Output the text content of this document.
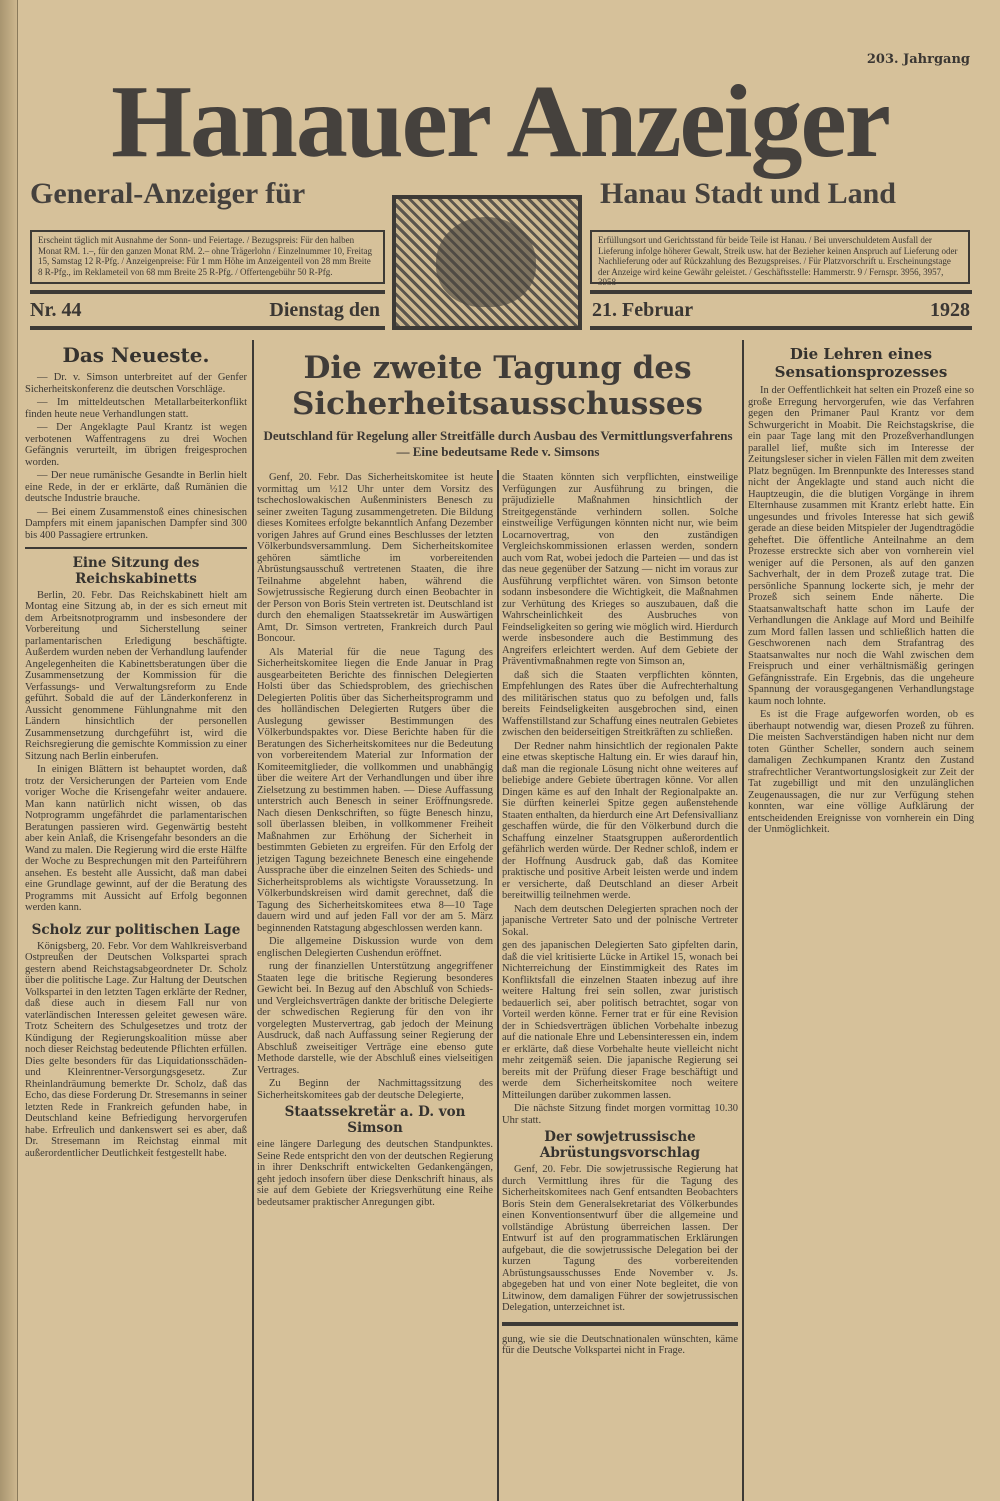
203. Jahrgang
Hanauer Anzeiger
General-Anzeiger für	Hanau Stadt und Land
Erscheint täglich mit Ausnahme der Sonn- und Feiertage. / Bezugspreis: Für den halben Monat RM. 1.–, für den ganzen Monat RM. 2.– ohne Trägerlohn / Einzelnummer 10, Freitag 15, Samstag 12 R-Pfg. / Anzeigenpreise: Für 1 mm Höhe im Anzeigenteil von 28 mm Breite 8 R-Pfg., im Reklameteil von 68 mm Breite 25 R-Pfg. / Offertengebühr 50 R-Pfg.
Erfüllungsort und Gerichtsstand für beide Teile ist Hanau. / Bei unverschuldetem Ausfall der Lieferung infolge höherer Gewalt, Streik usw. hat der Bezieher keinen Anspruch auf Lieferung oder Nachlieferung oder auf Rückzahlung des Bezugspreises. / Für Platzvorschrift u. Erscheinungstage der Anzeige wird keine Gewähr geleistet. / Geschäftsstelle: Hammerstr. 9 / Fernspr. 3956, 3957, 3958
Nr. 44	Dienstag den	21. Februar	1928
Das Neueste.

— Dr. v. Simson unterbreitet auf der Genfer Sicherheitskonferenz die deutschen Vorschläge.

— Im mitteldeutschen Metallarbeiterkonflikt finden heute neue Verhandlungen statt.

— Der Angeklagte Paul Krantz ist wegen verbotenen Waffentragens zu drei Wochen Gefängnis verurteilt, im übrigen freigesprochen worden.

— Der neue rumänische Gesandte in Berlin hielt eine Rede, in der er erklärte, daß Rumänien die deutsche Industrie brauche.

— Bei einem Zusammenstoß eines chinesischen Dampfers mit einem japanischen Dampfer sind 300 bis 400 Passagiere ertrunken.

Eine Sitzung des Reichskabinetts

Berlin, 20. Febr. Das Reichskabinett hielt am Montag eine Sitzung ab, in der es sich erneut mit dem Arbeitsnotprogramm und insbesondere der Vorbereitung und Sicherstellung seiner parlamentarischen Erledigung beschäftigte. Außerdem wurden neben der Verhandlung laufender Angelegenheiten die Kabinettsberatungen über die Zusammensetzung der Kommission für die Verfassungs- und Verwaltungsreform zu Ende geführt. Sobald die auf der Länderkonferenz in Aussicht genommene Fühlungnahme mit den Ländern hinsichtlich der personellen Zusammensetzung durchgeführt ist, wird die Reichsregierung die gemischte Kommission zu einer Sitzung nach Berlin einberufen.

In einigen Blättern ist behauptet worden, daß trotz der Versicherungen der Parteien vom Ende voriger Woche die Krisengefahr weiter andauere. Man kann natürlich nicht wissen, ob das Notprogramm ungefährdet die parlamentarischen Beratungen passieren wird. Gegenwärtig besteht aber kein Anlaß, die Krisengefahr besonders an die Wand zu malen. Die Regierung wird die erste Hälfte der Woche zu Besprechungen mit den Parteiführern ansehen. Es besteht alle Aussicht, daß man dabei eine Grundlage gewinnt, auf der die Beratung des Programms mit Aussicht auf Erfolg begonnen werden kann.

Scholz zur politischen Lage

Königsberg, 20. Febr. Vor dem Wahlkreisverband Ostpreußen der Deutschen Volkspartei sprach gestern abend Reichstagsabgeordneter Dr. Scholz über die politische Lage. Zur Haltung der Deutschen Volkspartei in den letzten Tagen erklärte der Redner, daß diese auch in diesem Fall nur von vaterländischen Interessen geleitet gewesen wäre. Trotz Scheitern des Schulgesetzes und trotz der Kündigung der Regierungskoalition müsse aber noch dieser Reichstag bedeutende Pflichten erfüllen. Dies gelte besonders für das Liquidationsschäden- und Kleinrentner-Versorgungsgesetz. Zur Rheinlandräumung bemerkte Dr. Scholz, daß das Echo, das diese Forderung Dr. Stresemanns in seiner letzten Rede in Frankreich gefunden habe, in Deutschland keine Befriedigung hervorgerufen habe. Erfreulich und dankenswert sei es aber, daß Dr. Stresemann im Reichstag einmal mit außerordentlicher Deutlichkeit festgestellt habe.

Die zweite Tagung des Sicherheitsausschusses
Deutschland für Regelung aller Streitfälle durch Ausbau des Vermittlungsverfahrens — Eine bedeutsame Rede v. Simsons

Genf, 20. Febr. Das Sicherheitskomitee ist heute vormittag um ½12 Uhr unter dem Vorsitz des tschechoslowakischen Außenministers Benesch zu seiner zweiten Tagung zusammengetreten. Die Bildung dieses Komitees erfolgte bekanntlich Anfang Dezember vorigen Jahres auf Grund eines Beschlusses der letzten Völkerbundsversammlung. Dem Sicherheitskomitee gehören sämtliche im vorbereitenden Abrüstungsausschuß vertretenen Staaten, die ihre Teilnahme abgelehnt haben, während die Sowjetrussische Regierung durch einen Beobachter in der Person von Boris Stein vertreten ist. Deutschland ist durch den ehemaligen Staatssekretär im Auswärtigen Amt, Dr. Simson vertreten, Frankreich durch Paul Boncour.

Als Material für die neue Tagung des Sicherheitskomitee liegen die Ende Januar in Prag ausgearbeiteten Berichte des finnischen Delegierten Holsti über das Schiedsproblem, des griechischen Delegierten Politis über das Sicherheitsprogramm und des holländischen Delegierten Rutgers über die Auslegung gewisser Bestimmungen des Völkerbundspaktes vor. Diese Berichte haben für die Beratungen des Sicherheitskomitees nur die Bedeutung von vorbereitendem Material zur Information der Komiteemitglieder, die vollkommen und unabhängig über die weitere Art der Verhandlungen und über ihre Zielsetzung zu bestimmen haben. — Diese Auffassung unterstrich auch Benesch in seiner Eröffnungsrede. Nach diesen Denkschriften, so fügte Benesch hinzu, soll überlassen bleiben, in vollkommener Freiheit Maßnahmen zur Erhöhung der Sicherheit in bestimmten Gebieten zu ergreifen. Für den Erfolg der jetzigen Tagung bezeichnete Benesch eine eingehende Aussprache über die einzelnen Seiten des Schieds- und Sicherheitsproblems als wichtigste Voraussetzung. In Völkerbundskreisen wird damit gerechnet, daß die Tagung des Sicherheitskomitees etwa 8—10 Tage dauern wird und auf jeden Fall vor der am 5. März beginnenden Ratstagung abgeschlossen werden kann.

Die allgemeine Diskussion wurde von dem englischen Delegierten Cushendun eröffnet.

rung der finanziellen Unterstützung angegriffener Staaten lege die britische Regierung besonderes Gewicht bei. In Bezug auf den Abschluß von Schieds- und Vergleichsverträgen dankte der britische Delegierte der schwedischen Regierung für den von ihr vorgelegten Mustervertrag, gab jedoch der Meinung Ausdruck, daß nach Auffassung seiner Regierung der Abschluß zweiseitiger Verträge eine ebenso gute Methode darstelle, wie der Abschluß eines vielseitigen Vertrages.

Zu Beginn der Nachmittagssitzung des Sicherheitskomitees gab der deutsche Delegierte,

Staatssekretär a. D. von Simson

eine längere Darlegung des deutschen Standpunktes. Seine Rede entspricht den von der deutschen Regierung in ihrer Denkschrift entwickelten Gedankengängen, geht jedoch insofern über diese Denkschrift hinaus, als sie auf dem Gebiete der Kriegsverhütung eine Reihe bedeutsamer praktischer Anregungen gibt.

die Staaten könnten sich verpflichten, einstweilige Verfügungen zur Ausführung zu bringen, die präjudizielle Maßnahmen hinsichtlich der Streitgegenstände verhindern sollen. Solche einstweilige Verfügungen könnten nicht nur, wie beim Locarnovertrag, von den zuständigen Vergleichskommissionen erlassen werden, sondern auch vom Rat, wobei jedoch die Parteien — und das ist das neue gegenüber der Satzung — nicht im voraus zur Ausführung verpflichtet wären. von Simson betonte sodann insbesondere die Wichtigkeit, die Maßnahmen zur Verhütung des Krieges so auszubauen, daß die Wahrscheinlichkeit des Ausbruches von Feindseligkeiten so gering wie möglich wird. Hierdurch werde insbesondere auch die Bestimmung des Angreifers erleichtert werden. Auf dem Gebiete der Präventivmaßnahmen regte von Simson an,

daß sich die Staaten verpflichten könnten, Empfehlungen des Rates über die Aufrechterhaltung des militärischen status quo zu befolgen und, falls bereits Feindseligkeiten ausgebrochen sind, einen Waffenstillstand zur Schaffung eines neutralen Gebietes zwischen den beiderseitigen Streitkräften zu schließen.

Der Redner nahm hinsichtlich der regionalen Pakte eine etwas skeptische Haltung ein. Er wies darauf hin, daß man die regionale Lösung nicht ohne weiteres auf beliebige andere Gebiete übertragen könne. Vor allen Dingen käme es auf den Inhalt der Regionalpakte an. Sie dürften keinerlei Spitze gegen außenstehende Staaten enthalten, da hierdurch eine Art Defensivallianz geschaffen würde, die für den Völkerbund durch die Schaffung einzelner Staatsgruppen außerordentlich gefährlich werden würde. Der Redner schloß, indem er der Hoffnung Ausdruck gab, daß das Komitee praktische und positive Arbeit leisten werde und indem er versicherte, daß Deutschland an dieser Arbeit bereitwillig teilnehmen werde.

Nach dem deutschen Delegierten sprachen noch der japanische Vertreter Sato und der polnische Vertreter Sokal.

gen des japanischen Delegierten Sato gipfelten darin, daß die viel kritisierte Lücke in Artikel 15, wonach bei Nichterreichung der Einstimmigkeit des Rates im Konfliktsfall die einzelnen Staaten inbezug auf ihre weitere Haltung frei sein sollen, zwar juristisch bedauerlich sei, aber politisch betrachtet, sogar von Vorteil werden könne. Ferner trat er für eine Revision der in Schiedsverträgen üblichen Vorbehalte inbezug auf die nationale Ehre und Lebensinteressen ein, indem er erklärte, daß diese Vorbehalte heute vielleicht nicht mehr zeitgemäß seien. Die japanische Regierung sei bereits mit der Prüfung dieser Frage beschäftigt und werde dem Sicherheitskomitee noch weitere Mitteilungen darüber zukommen lassen.

Die nächste Sitzung findet morgen vormittag 10.30 Uhr statt.

Der sowjetrussische Abrüstungsvorschlag

Genf, 20. Febr. Die sowjetrussische Regierung hat durch Vermittlung ihres für die Tagung des Sicherheitskomitees nach Genf entsandten Beobachters Boris Stein dem Generalsekretariat des Völkerbundes einen Konventionsentwurf über die allgemeine und vollständige Abrüstung überreichen lassen. Der Entwurf ist auf den programmatischen Erklärungen aufgebaut, die die sowjetrussische Delegation bei der kurzen Tagung des vorbereitenden Abrüstungsausschusses Ende November v. Js. abgegeben hat und von einer Note begleitet, die von Litwinow, dem damaligen Führer der sowjetrussischen Delegation, unterzeichnet ist.

gung, wie sie die Deutschnationalen wünschten, käme für die Deutsche Volkspartei nicht in Frage.

Die Lehren eines Sensationsprozesses

In der Oeffentlichkeit hat selten ein Prozeß eine so große Erregung hervorgerufen, wie das Verfahren gegen den Primaner Paul Krantz vor dem Schwurgericht in Moabit. Die Reichstagskrise, die ein paar Tage lang mit den Prozeßverhandlungen parallel lief, mußte sich im Interesse der Zeitungsleser sicher in vielen Fällen mit dem zweiten Platz begnügen. Im Brennpunkte des Interesses stand nicht der Angeklagte und stand auch nicht die Hauptzeugin, die die blutigen Vorgänge in ihrem Elternhause zusammen mit Krantz erlebt hatte. Ein ungesundes und frivoles Interesse hat sich gewiß gerade an diese beiden Mitspieler der Jugendtragödie geheftet. Die öffentliche Anteilnahme an dem Prozesse erstreckte sich aber von vornherein viel weniger auf die Personen, als auf den ganzen Sachverhalt, der in dem Prozeß zutage trat. Die persönliche Spannung lockerte sich, je mehr der Prozeß sich seinem Ende näherte. Die Staatsanwaltschaft hatte schon im Laufe der Verhandlungen die Anklage auf Mord und Beihilfe zum Mord fallen lassen und schließlich hatten die Geschworenen nach dem Strafantrag des Staatsanwaltes nur noch die Wahl zwischen dem Freispruch und einer verhältnismäßig geringen Gefängnisstrafe. Ein Ergebnis, das die ungeheure Spannung der vorausgegangenen Verhandlungstage kaum noch lohnte.

Es ist die Frage aufgeworfen worden, ob es überhaupt notwendig war, diesen Prozeß zu führen. Die meisten Sachverständigen haben nicht nur dem toten Günther Scheller, sondern auch seinem damaligen Zechkumpanen Krantz den Zustand strafrechtlicher Verantwortungslosigkeit zur Zeit der Tat zugebilligt und mit den unzulänglichen Zeugenaussagen, die nur zur Verfügung stehen konnten, war eine völlige Aufklärung der entscheidenden Ereignisse von vornherein ein Ding der Unmöglichkeit.
